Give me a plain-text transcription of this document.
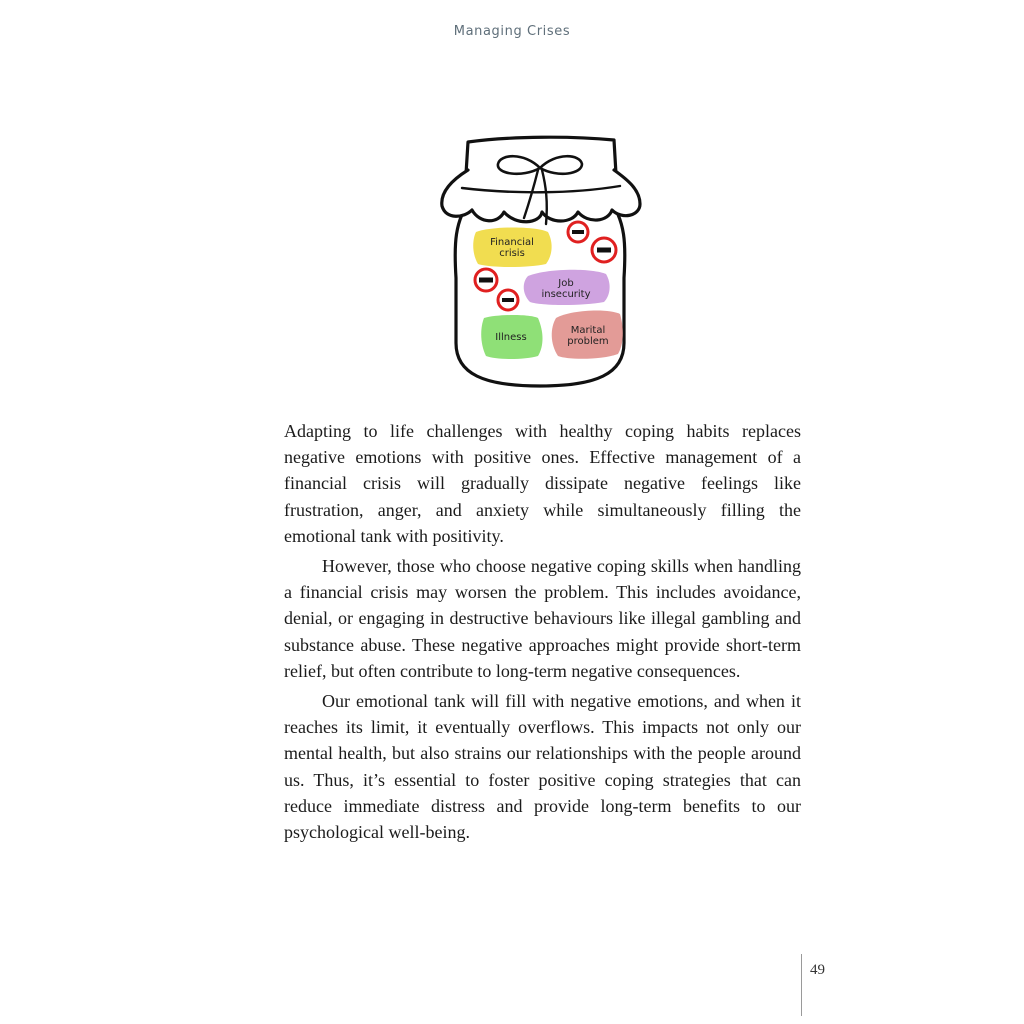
Managing Crises
Financial
crisis
Job
insecurity
Illness
Marital
problem

Adapting to life challenges with healthy coping habits replaces negative emotions with positive ones. Effective management of a financial crisis will gradually dissipate negative feelings like frustration, anger, and anxiety while simultaneously filling the emotional tank with positivity.

However, those who choose negative coping skills when handling a financial crisis may worsen the problem. This includes avoidance, denial, or engaging in destructive behaviours like illegal gambling and substance abuse. These negative approaches might provide short-term relief, but often contribute to long-term negative consequences.

Our emotional tank will fill with negative emotions, and when it reaches its limit, it eventually overflows. This impacts not only our mental health, but also strains our relationships with the people around us. Thus, it’s essential to foster positive coping strategies that can reduce immediate distress and provide long-term benefits to our psychological well-being.

49
